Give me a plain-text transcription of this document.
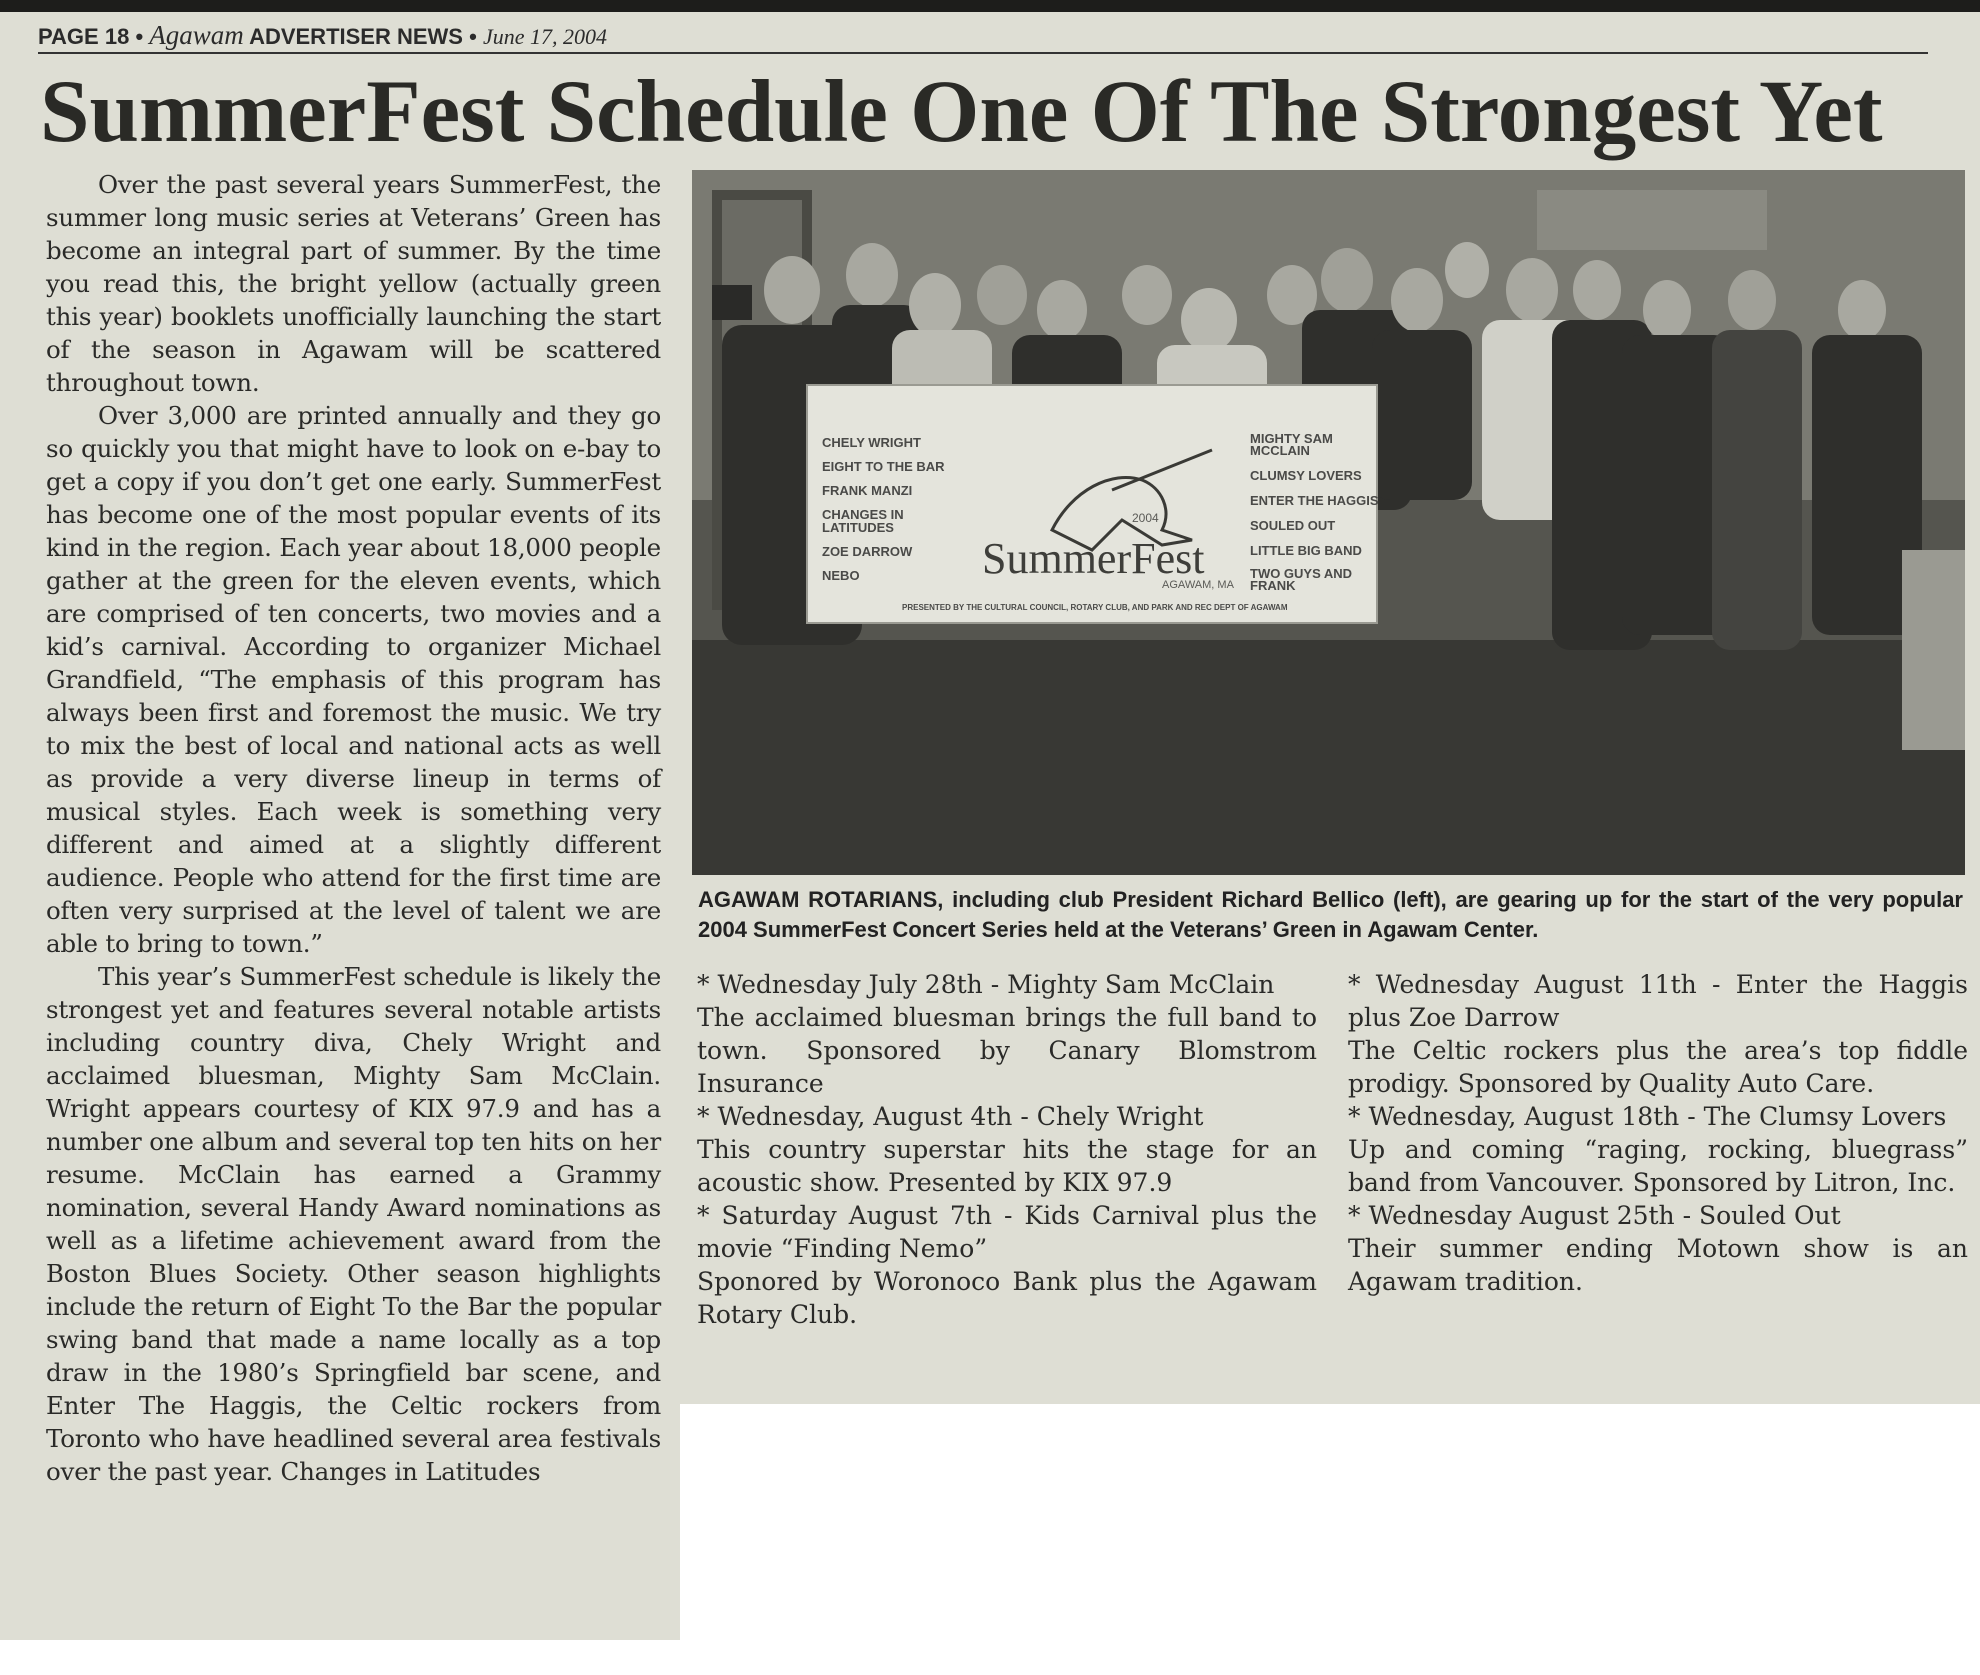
PAGE 18 • Agawam ADVERTISER NEWS • June 17, 2004
SummerFest Schedule One Of The Strongest Yet

Over the past several years SummerFest, the summer long music series at Veterans’ Green has become an integral part of summer. By the time you read this, the bright yellow (actually green this year) booklets unofficially launching the start of the season in Agawam will be scattered throughout town.

Over 3,000 are printed annually and they go so quickly you that might have to look on e-bay to get a copy if you don’t get one early. SummerFest has become one of the most popular events of its kind in the region. Each year about 18,000 people gather at the green for the eleven events, which are comprised of ten concerts, two movies and a kid’s carnival. According to organizer Michael Grandfield, “The emphasis of this program has always been first and foremost the music. We try to mix the best of local and national acts as well as provide a very diverse lineup in terms of musical styles. Each week is something very different and aimed at a slightly different audience. People who attend for the first time are often very surprised at the level of talent we are able to bring to town.”

This year’s SummerFest schedule is likely the strongest yet and features several notable artists including country diva, Chely Wright and acclaimed bluesman, Mighty Sam McClain. Wright appears courtesy of KIX 97.9 and has a number one album and several top ten hits on her resume. McClain has earned a Grammy nomination, several Handy Award nominations as well as a lifetime achievement award from the Boston Blues Society. Other season highlights include the return of Eight To the Bar the popular swing band that made a name locally as a top draw in the 1980’s Springfield bar scene, and Enter The Haggis, the Celtic rockers from Toronto who have headlined several area festivals over the past year. Changes in Latitudes

CHELY WRIGHT
EIGHT TO THE BAR
FRANK MANZI
CHANGES IN
LATITUDES
ZOE DARROW
NEBO
MIGHTY SAM
MCCLAIN
CLUMSY LOVERS
ENTER THE HAGGIS
SOULED OUT
LITTLE BIG BAND
TWO GUYS AND
FRANK
2004
SummerFest
AGAWAM, MA
PRESENTED BY THE CULTURAL COUNCIL, ROTARY CLUB, AND PARK AND REC DEPT OF AGAWAM
AGAWAM ROTARIANS, including club President Richard Bellico (left), are gearing up for the start of the very popular 2004 SummerFest Concert Series held at the Veterans’ Green in Agawam Center.

* Wednesday July 28th - Mighty Sam McClain

The acclaimed bluesman brings the full band to town. Sponsored by Canary Blomstrom Insurance

* Wednesday, August 4th - Chely Wright

This country superstar hits the stage for an acoustic show. Presented by KIX 97.9

* Saturday August 7th - Kids Carnival plus the movie “Finding Nemo”

Sponored by Woronoco Bank plus the Agawam Rotary Club.

* Wednesday August 11th - Enter the Haggis plus Zoe Darrow

The Celtic rockers plus the area’s top fiddle prodigy. Sponsored by Quality Auto Care.

* Wednesday, August 18th - The Clumsy Lovers

Up and coming “raging, rocking, bluegrass” band from Vancouver. Sponsored by Litron, Inc.

* Wednesday August 25th - Souled Out

Their summer ending Motown show is an Agawam tradition.
